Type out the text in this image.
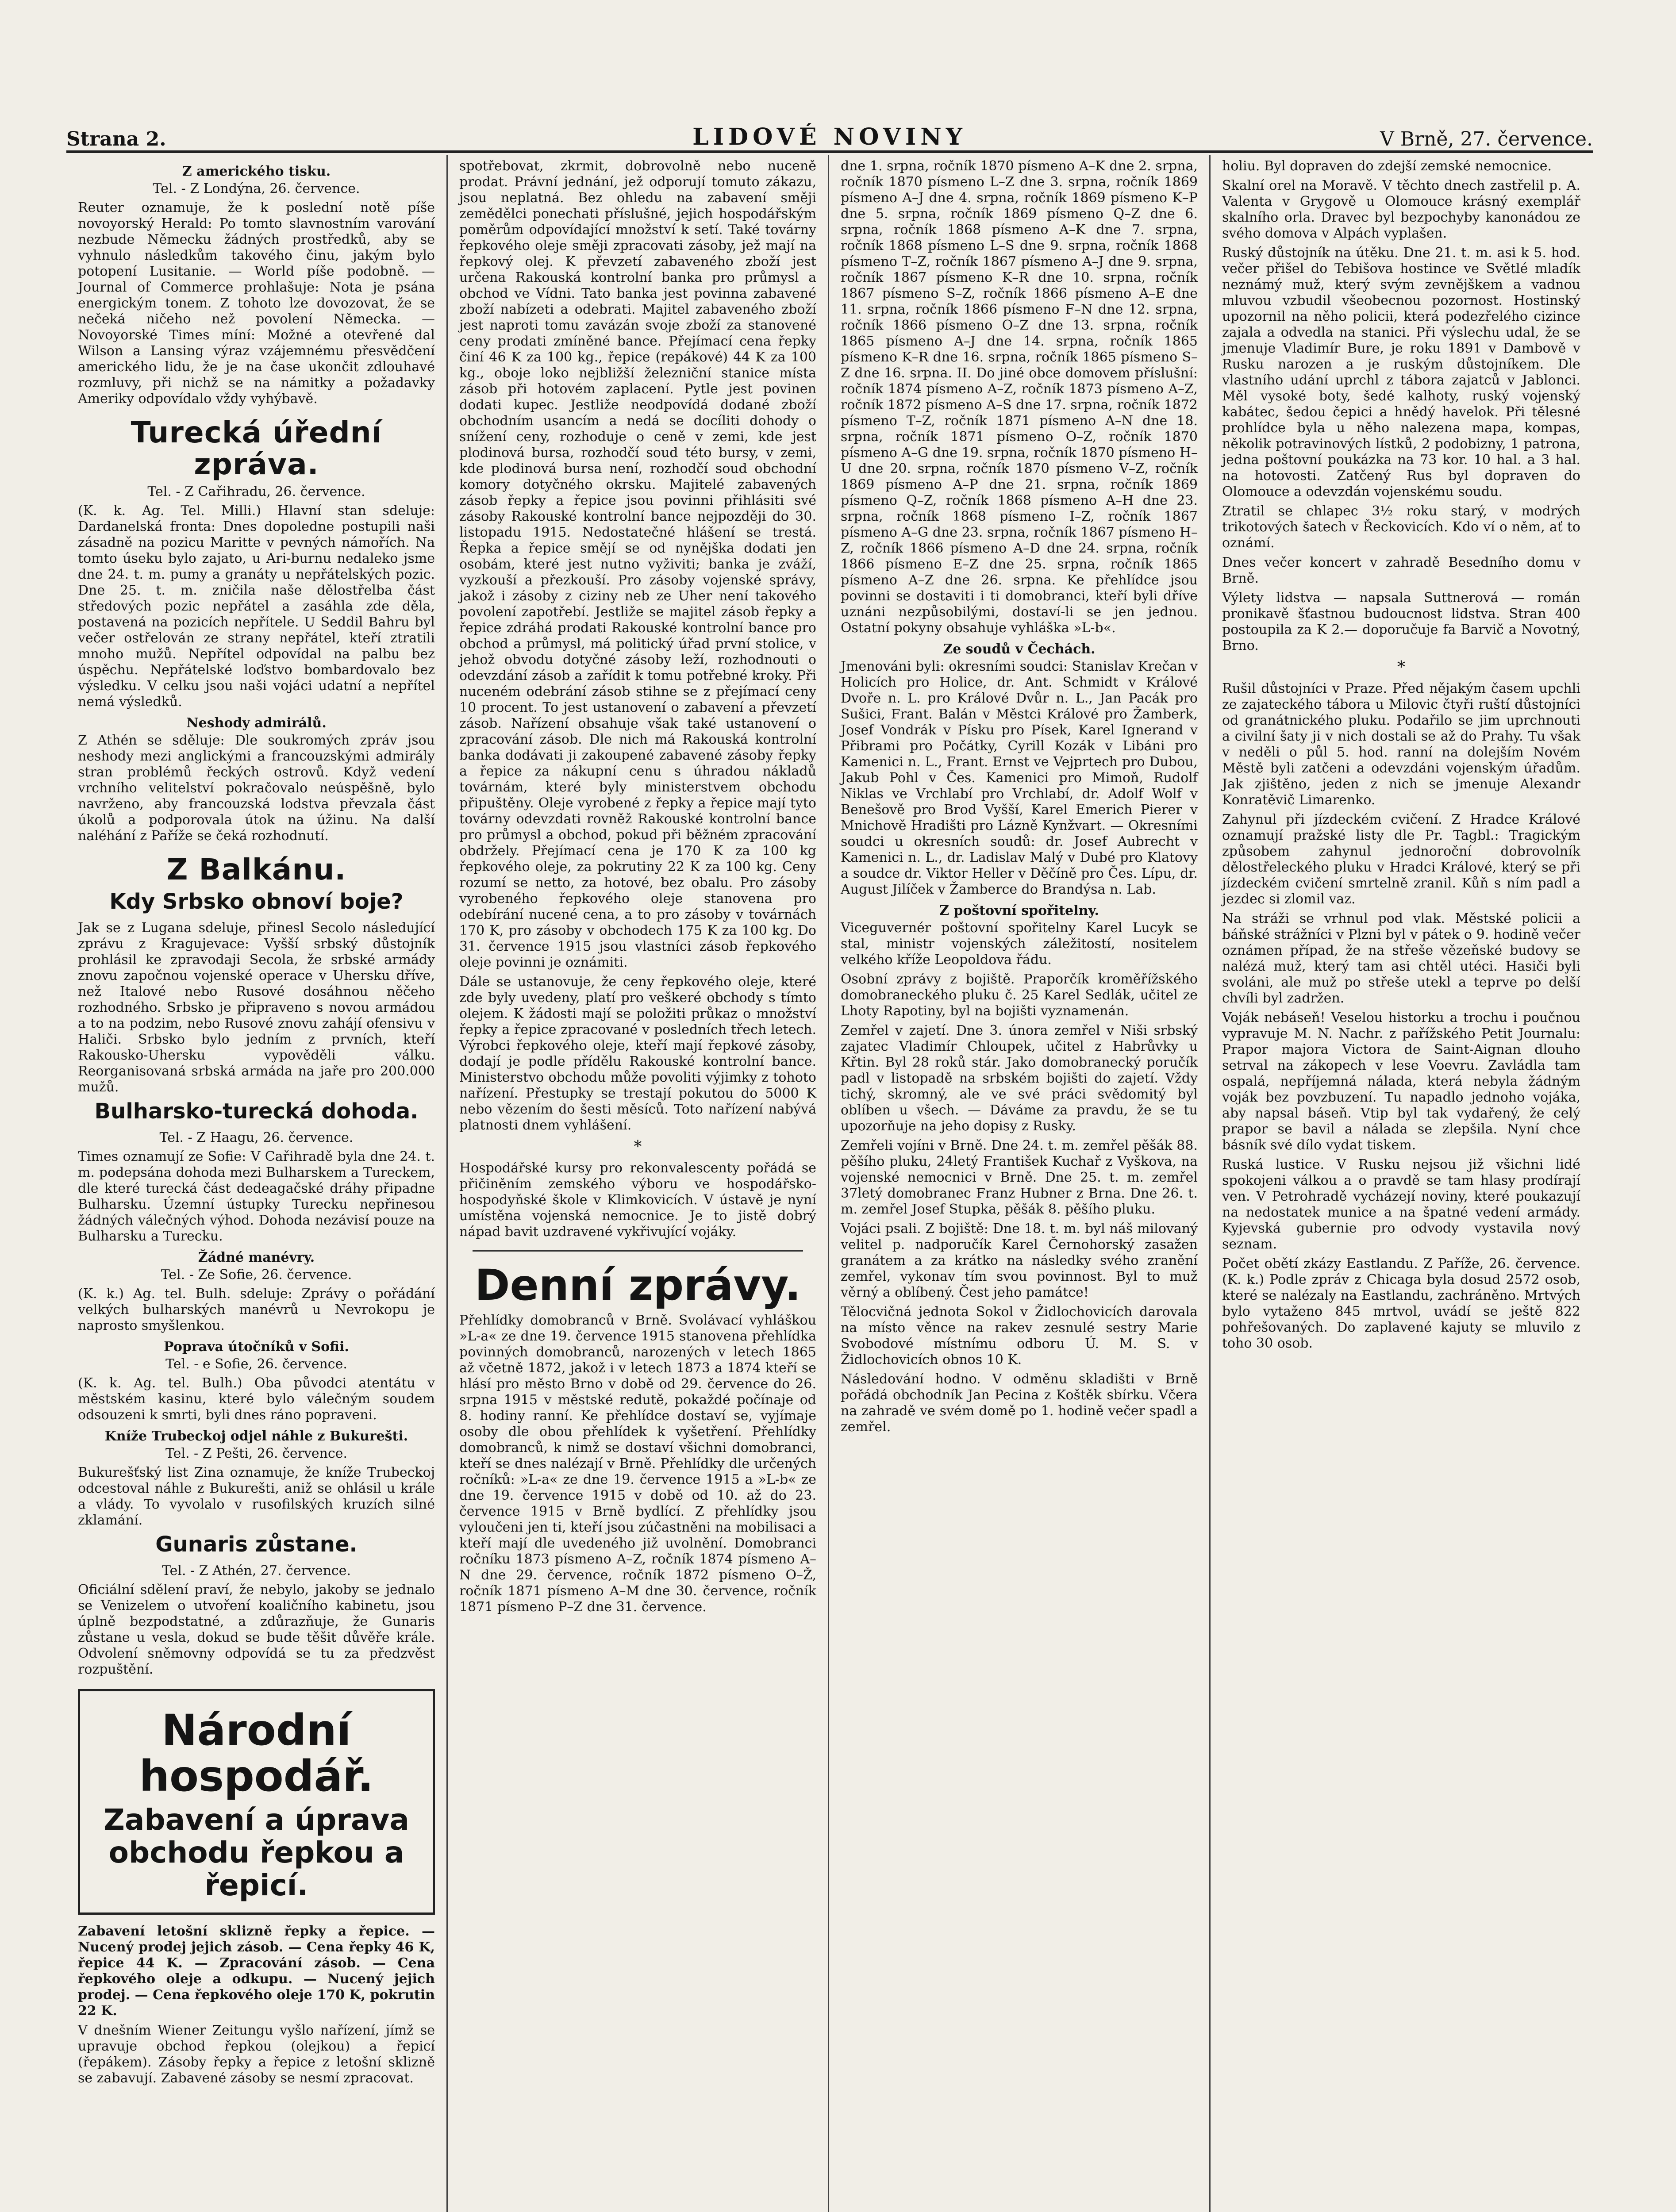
Strana 2.	LIDOVÉ NOVINY	V Brně, 27. července.
Z amerického tisku.
Tel. - Z Londýna, 26. července.

Reuter oznamuje, že k poslední notě píše novoyorský Herald: Po tomto slavnostním varování nezbude Německu žádných prostředků, aby se vyhnulo následkům takového činu, jakým bylo potopení Lusitanie. — World píše podobně. — Journal of Commerce prohlašuje: Nota je psána energickým tonem. Z tohoto lze dovozovat, že se nečeká ničeho než povolení Německa. — Novoyorské Times míní: Možné a otevřené dal Wilson a Lansing výraz vzájemnému přesvědčení amerického lidu, že je na čase ukončit zdlouhavé rozmluvy, při nichž se na námitky a požadavky Ameriky odpovídalo vždy vyhýbavě.

Turecká úřední zpráva.
Tel. - Z Cařihradu, 26. července.

(K. k. Ag. Tel. Milli.) Hlavní stan sdeluje: Dardanelská fronta: Dnes dopoledne postupili naši zásadně na pozicu Maritte v pevných námořích. Na tomto úseku bylo zajato, u Ari-burnu nedaleko jsme dne 24. t. m. pumy a granáty u nepřátelských pozic. Dne 25. t. m. zničila naše dělostřelba část středových pozic nepřátel a zasáhla zde děla, postavená na pozicích nepřítele. U Seddil Bahru byl večer ostřelován ze strany nepřátel, kteří ztratili mnoho mužů. Nepřítel odpovídal na palbu bez úspěchu. Nepřátelské loďstvo bombardovalo bez výsledku. V celku jsou naši vojáci udatní a nepřítel nemá výsledků.

Neshody admirálů.

Z Athén se sděluje: Dle soukromých zpráv jsou neshody mezi anglickými a francouzskými admirály stran problémů řeckých ostrovů. Když vedení vrchního velitelství pokračovalo neúspěšně, bylo navrženo, aby francouzská lodstva převzala část úkolů a podporovala útok na úžinu. Na další naléhání z Paříže se čeká rozhodnutí.

Z Balkánu.
Kdy Srbsko obnoví boje?

Jak se z Lugana sdeluje, přinesl Secolo následující zprávu z Kragujevace: Vyšší srbský důstojník prohlásil ke zpravodaji Secola, že srbské armády znovu započnou vojenské operace v Uhersku dříve, než Italové nebo Rusové dosáhnou něčeho rozhodného. Srbsko je připraveno s novou armádou a to na podzim, nebo Rusové znovu zahájí ofensivu v Haliči. Srbsko bylo jedním z prvních, kteří Rakousko-Uhersku vypověděli válku. Reorganisovaná srbská armáda na jaře pro 200.000 mužů.

Bulharsko-turecká dohoda.
Tel. - Z Haagu, 26. července.

Times oznamují ze Sofie: V Cařihradě byla dne 24. t. m. podepsána dohoda mezi Bulharskem a Tureckem, dle které turecká část dedeagačské dráhy připadne Bulharsku. Územní ústupky Turecku nepřinesou žádných válečných výhod. Dohoda nezávisí pouze na Bulharsku a Turecku.

Žádné manévry.
Tel. - Ze Sofie, 26. července.

(K. k.) Ag. tel. Bulh. sdeluje: Zprávy o pořádání velkých bulharských manévrů u Nevrokopu je naprosto smyšlenkou.

Poprava útočníků v Sofii.
Tel. - e Sofie, 26. července.

(K. k. Ag. tel. Bulh.) Oba původci atentátu v městském kasinu, které bylo válečným soudem odsouzeni k smrti, byli dnes ráno popraveni.

Kníže Trubeckoj odjel náhle z Bukurešti.
Tel. - Z Pešti, 26. července.

Bukurešťský list Zina oznamuje, že kníže Trubeckoj odcestoval náhle z Bukurešti, aniž se ohlásil u krále a vlády. To vyvolalo v rusofilských kruzích silné zklamání.

Gunaris zůstane.
Tel. - Z Athén, 27. července.

Oficiální sdělení praví, že nebylo, jakoby se jednalo se Venizelem o utvoření koaličního kabinetu, jsou úplně bezpodstatné, a zdůrazňuje, že Gunaris zůstane u vesla, dokud se bude těšit důvěře krále. Odvolení sněmovny odpovídá se tu za předzvěst rozpuštění.

Národní hospodář.
Zabavení a úprava obchodu řepkou a řepicí.

Zabavení letošní sklizně řepky a řepice. — Nucený prodej jejich zásob. — Cena řepky 46 K, řepice 44 K. — Zpracování zásob. — Cena řepkového oleje a odkupu. — Nucený jejich prodej. — Cena řepkového oleje 170 K, pokrutin 22 K.

V dnešním Wiener Zeitungu vyšlo nařízení, jímž se upravuje obchod řepkou (olejkou) a řepicí (řepákem). Zásoby řepky a řepice z letošní sklizně se zabavují. Zabavené zásoby se nesmí zpracovat.

spotřebovat, zkrmit, dobrovolně nebo nuceně prodat. Právní jednání, jež odporují tomuto zákazu, jsou neplatná. Bez ohledu na zabavení směji zemědělci ponechati příslušné, jejich hospodářským poměrům odpovídající množství k setí. Také továrny řepkového oleje směji zpracovati zásoby, jež mají na řepkový olej. K převzetí zabaveného zboží jest určena Rakouská kontrolní banka pro průmysl a obchod ve Vídni. Tato banka jest povinna zabavené zboží nabízeti a odebrati. Majitel zabaveného zboží jest naproti tomu zavázán svoje zboží za stanovené ceny prodati zmíněné bance. Přejímací cena řepky činí 46 K za 100 kg., řepice (repákové) 44 K za 100 kg., oboje loko nejbližší železniční stanice místa zásob při hotovém zaplacení. Pytle jest povinen dodati kupec. Jestliže neodpovídá dodané zboží obchodním usancím a nedá se docíliti dohody o snížení ceny, rozhoduje o ceně v zemi, kde jest plodinová bursa, rozhodčí soud této bursy, v zemi, kde plodinová bursa není, rozhodčí soud obchodní komory dotyčného okrsku. Majitelé zabavených zásob řepky a řepice jsou povinni přihlásiti své zásoby Rakouské kontrolní bance nejpozději do 30. listopadu 1915. Nedostatečné hlášení se trestá. Řepka a řepice smějí se od nynějška dodati jen osobám, které jest nutno vyživiti; banka je zváží, vyzkouší a přezkouší. Pro zásoby vojenské správy, jakož i zásoby z ciziny neb ze Uher není takového povolení zapotřebí. Jestliže se majitel zásob řepky a řepice zdráhá prodati Rakouské kontrolní bance pro obchod a průmysl, má politický úřad první stolice, v jehož obvodu dotyčné zásoby leží, rozhodnouti o odevzdání zásob a zařídit k tomu potřebné kroky. Při nuceném odebrání zásob stihne se z přejímací ceny 10 procent. To jest ustanovení o zabavení a převzetí zásob. Nařízení obsahuje však také ustanovení o zpracování zásob. Dle nich má Rakouská kontrolní banka dodávati ji zakoupené zabavené zásoby řepky a řepice za nákupní cenu s úhradou nákladů továrnám, které byly ministerstvem obchodu připuštěny. Oleje vyrobené z řepky a řepice mají tyto továrny odevzdati rovněž Rakouské kontrolní bance pro průmysl a obchod, pokud při běžném zpracování obdržely. Přejímací cena je 170 K za 100 kg řepkového oleje, za pokrutiny 22 K za 100 kg. Ceny rozumí se netto, za hotové, bez obalu. Pro zásoby vyrobeného řepkového oleje stanovena pro odebírání nucené cena, a to pro zásoby v továrnách 170 K, pro zásoby v obchodech 175 K za 100 kg. Do 31. července 1915 jsou vlastníci zásob řepkového oleje povinni je oznámiti.

Dále se ustanovuje, že ceny řepkového oleje, které zde byly uvedeny, platí pro veškeré obchody s tímto olejem. K žádosti mají se položiti průkaz o množství řepky a řepice zpracované v posledních třech letech. Výrobci řepkového oleje, kteří mají řepkové zásoby, dodají je podle přídělu Rakouské kontrolní bance. Ministerstvo obchodu může povoliti výjimky z tohoto nařízení. Přestupky se trestají pokutou do 5000 K nebo vězením do šesti měsíců. Toto nařízení nabývá platnosti dnem vyhlášení.

*

Hospodářské kursy pro rekonvalescenty pořádá se přičiněním zemského výboru ve hospodářsko-hospodyňské škole v Klimkovicích. V ústavě je nyní umístěna vojenská nemocnice. Je to jistě dobrý nápad bavit uzdravené vykřivující vojáky.

Denní zprávy.

Přehlídky domobranců v Brně. Svolávací vyhláškou »L-a« ze dne 19. července 1915 stanovena přehlídka povinných domobranců, narozených v letech 1865 až včetně 1872, jakož i v letech 1873 a 1874 kteří se hlásí pro město Brno v době od 29. července do 26. srpna 1915 v městské redutě, pokaždé počínaje od 8. hodiny ranní. Ke přehlídce dostaví se, vyjímaje osoby dle obou přehlídek k vyšetření. Přehlídky domobranců, k nimž se dostaví všichni domobranci, kteří se dnes nalézají v Brně. Přehlídky dle určených ročníků: »L-a« ze dne 19. července 1915 a »L-b« ze dne 19. července 1915 v době od 10. až do 23. července 1915 v Brně bydlící. Z přehlídky jsou vyloučeni jen ti, kteří jsou zúčastněni na mobilisaci a kteří mají dle uvedeného již uvolnění. Domobranci ročníku 1873 písmeno A–Z, ročník 1874 písmeno A–N dne 29. července, ročník 1872 písmeno O–Ž, ročník 1871 písmeno A–M dne 30. července, ročník 1871 písmeno P–Z dne 31. července.

dne 1. srpna, ročník 1870 písmeno A–K dne 2. srpna, ročník 1870 písmeno L–Z dne 3. srpna, ročník 1869 písmeno A–J dne 4. srpna, ročník 1869 písmeno K–P dne 5. srpna, ročník 1869 písmeno Q–Z dne 6. srpna, ročník 1868 písmeno A–K dne 7. srpna, ročník 1868 písmeno L–S dne 9. srpna, ročník 1868 písmeno T–Z, ročník 1867 písmeno A–J dne 9. srpna, ročník 1867 písmeno K–R dne 10. srpna, ročník 1867 písmeno S–Z, ročník 1866 písmeno A–E dne 11. srpna, ročník 1866 písmeno F–N dne 12. srpna, ročník 1866 písmeno O–Z dne 13. srpna, ročník 1865 písmeno A–J dne 14. srpna, ročník 1865 písmeno K–R dne 16. srpna, ročník 1865 písmeno S–Z dne 16. srpna. II. Do jiné obce domovem příslušní: ročník 1874 písmeno A–Z, ročník 1873 písmeno A–Z, ročník 1872 písmeno A–S dne 17. srpna, ročník 1872 písmeno T–Z, ročník 1871 písmeno A–N dne 18. srpna, ročník 1871 písmeno O–Z, ročník 1870 písmeno A–G dne 19. srpna, ročník 1870 písmeno H–U dne 20. srpna, ročník 1870 písmeno V–Z, ročník 1869 písmeno A–P dne 21. srpna, ročník 1869 písmeno Q–Z, ročník 1868 písmeno A–H dne 23. srpna, ročník 1868 písmeno I–Z, ročník 1867 písmeno A–G dne 23. srpna, ročník 1867 písmeno H–Z, ročník 1866 písmeno A–D dne 24. srpna, ročník 1866 písmeno E–Z dne 25. srpna, ročník 1865 písmeno A–Z dne 26. srpna. Ke přehlídce jsou povinni se dostaviti i ti domobranci, kteří byli dříve uznáni nezpůsobilými, dostaví-li se jen jednou. Ostatní pokyny obsahuje vyhláška »L-b«.

Ze soudů v Čechách.

Jmenováni byli: okresními soudci: Stanislav Krečan v Holicích pro Holice, dr. Ant. Schmidt v Králové Dvoře n. L. pro Králové Dvůr n. L., Jan Pacák pro Sušici, Frant. Balán v Městci Králové pro Žamberk, Josef Vondrák v Písku pro Písek, Karel Ignerand v Přibrami pro Počátky, Cyrill Kozák v Libáni pro Kamenici n. L., Frant. Ernst ve Vejprtech pro Dubou, Jakub Pohl v Čes. Kamenici pro Mimoň, Rudolf Niklas ve Vrchlabí pro Vrchlabí, dr. Adolf Wolf v Benešově pro Brod Vyšší, Karel Emerich Pierer v Mnichově Hradišti pro Lázně Kynžvart. — Okresními soudci u okresních soudů: dr. Josef Aubrecht v Kamenici n. L., dr. Ladislav Malý v Dubé pro Klatovy a soudce dr. Viktor Heller v Děčíně pro Čes. Lípu, dr. August Jilíček v Žamberce do Brandýsa n. Lab.

Z poštovní spořitelny.

Viceguvernér poštovní spořitelny Karel Lucyk se stal, ministr vojenských záležitostí, nositelem velkého kříže Leopoldova řádu.

Osobní zprávy z bojiště. Praporčík kroměřížského domobraneckého pluku č. 25 Karel Sedlák, učitel ze Lhoty Rapotiny, byl na bojišti vyznamenán.

Zemřel v zajetí. Dne 3. února zemřel v Niši srbský zajatec Vladimír Chloupek, učitel z Habrůvky u Křtin. Byl 28 roků stár. Jako domobranecký poručík padl v listopadě na srbském bojišti do zajetí. Vždy tichý, skromný, ale ve své práci svědomitý byl oblíben u všech. — Dáváme za pravdu, že se tu upozorňuje na jeho dopisy z Rusky.

Zemřeli vojíni v Brně. Dne 24. t. m. zemřel pěšák 88. pěšího pluku, 24letý František Kuchař z Vyškova, na vojenské nemocnici v Brně. Dne 25. t. m. zemřel 37letý domobranec Franz Hubner z Brna. Dne 26. t. m. zemřel Josef Stupka, pěšák 8. pěšího pluku.

Vojáci psali. Z bojiště: Dne 18. t. m. byl náš milovaný velitel p. nadporučík Karel Černohorský zasažen granátem a za krátko na následky svého zranění zemřel, vykonav tím svou povinnost. Byl to muž věrný a oblíbený. Čest jeho památce!

Tělocvičná jednota Sokol v Židlochovicích darovala na místo věnce na rakev zesnulé sestry Marie Svobodové místnímu odboru Ú. M. S. v Židlochovicích obnos 10 K.

Následování hodno. V odměnu skladišti v Brně pořádá obchodník Jan Pecina z Koštěk sbírku. Včera na zahradě ve svém domě po 1. hodině večer spadl a zemřel.

holiu. Byl dopraven do zdejší zemské nemocnice.

Skalní orel na Moravě. V těchto dnech zastřelil p. A. Valenta v Grygově u Olomouce krásný exemplář skalního orla. Dravec byl bezpochyby kanonádou ze svého domova v Alpách vyplašen.

Ruský důstojník na útěku. Dne 21. t. m. asi k 5. hod. večer přišel do Tebišova hostince ve Světlé mladík neznámý muž, který svým zevnějškem a vadnou mluvou vzbudil všeobecnou pozornost. Hostinský upozornil na něho policii, která podezřelého cizince zajala a odvedla na stanici. Při výslechu udal, že se jmenuje Vladimír Bure, je roku 1891 v Dambově v Rusku narozen a je ruským důstojníkem. Dle vlastního udání uprchl z tábora zajatců v Jablonci. Měl vysoké boty, šedé kalhoty, ruský vojenský kabátec, šedou čepici a hnědý havelok. Při tělesné prohlídce byla u něho nalezena mapa, kompas, několik potravinových lístků, 2 podobizny, 1 patrona, jedna poštovní poukázka na 73 kor. 10 hal. a 3 hal. na hotovosti. Zatčený Rus byl dopraven do Olomouce a odevzdán vojenskému soudu.

Ztratil se chlapec 3½ roku starý, v modrých trikotových šatech v Řeckovicích. Kdo ví o něm, ať to oznámí.

Dnes večer koncert v zahradě Besedního domu v Brně.

Výlety lidstva — napsala Suttnerová — román pronikavě šťastnou budoucnost lidstva. Stran 400 postoupila za K 2.— doporučuje fa Barvič a Novotný, Brno.

*

Rušil důstojníci v Praze. Před nějakým časem upchli ze zajateckého tábora u Milovic čtyři ruští důstojníci od granátnického pluku. Podařilo se jim uprchnouti a civilní šaty ji v nich dostali se až do Prahy. Tu však v neděli o půl 5. hod. ranní na dolejším Novém Městě byli zatčeni a odevzdáni vojenským úřadům. Jak zjištěno, jeden z nich se jmenuje Alexandr Konratěvič Limarenko.

Zahynul při jízdeckém cvičení. Z Hradce Králové oznamují pražské listy dle Pr. Tagbl.: Tragickým způsobem zahynul jednoroční dobrovolník dělostřeleckého pluku v Hradci Králové, který se při jízdeckém cvičení smrtelně zranil. Kůň s ním padl a jezdec si zlomil vaz.

Na stráži se vrhnul pod vlak. Městské policii a báňské strážníci v Plzni byl v pátek o 9. hodině večer oznámen případ, že na střeše vězeňské budovy se nalézá muž, který tam asi chtěl utéci. Hasiči byli svoláni, ale muž po střeše utekl a teprve po delší chvíli byl zadržen.

Voják nebáseň! Veselou historku a trochu i poučnou vypravuje M. N. Nachr. z pařížského Petit Journalu: Prapor majora Victora de Saint-Aignan dlouho setrval na zákopech v lese Voevru. Zavládla tam ospalá, nepříjemná nálada, která nebyla žádným voják bez povzbuzení. Tu napadlo jednoho vojáka, aby napsal báseň. Vtip byl tak vydařený, že celý prapor se bavil a nálada se zlepšila. Nyní chce básník své dílo vydat tiskem.

Ruská lustice. V Rusku nejsou již všichni lidé spokojeni válkou a o pravdě se tam hlasy prodírají ven. V Petrohradě vycházejí noviny, které poukazují na nedostatek munice a na špatné vedení armády. Kyjevská gubernie pro odvody vystavila nový seznam.

Počet obětí zkázy Eastlandu. Z Paříže, 26. července. (K. k.) Podle zpráv z Chicaga byla dosud 2572 osob, které se nalézaly na Eastlandu, zachráněno. Mrtvých bylo vytaženo 845 mrtvol, uvádí se ještě 822 pohřešovaných. Do zaplavené kajuty se mluvilo z toho 30 osob.
